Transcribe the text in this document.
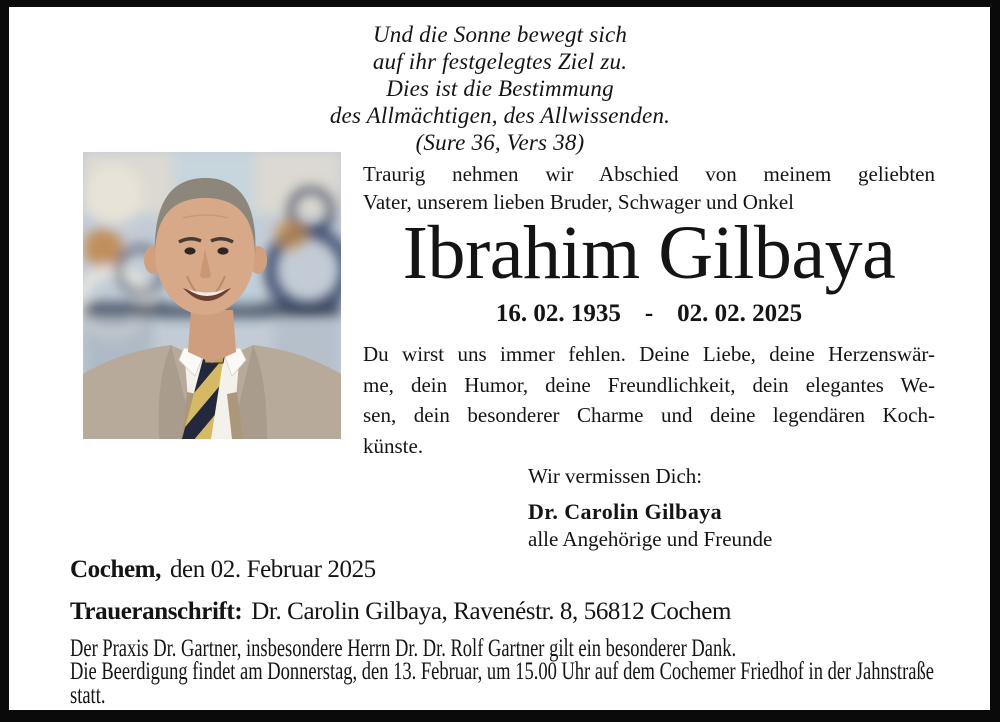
Und die Sonne bewegt sich
auf ihr festgelegtes Ziel zu.
Dies ist die Bestimmung
des Allmächtigen, des Allwissenden.
(Sure 36, Vers 38)
Traurig nehmen wir Abschied von meinem geliebten
Vater, unserem lieben Bruder, Schwager und Onkel
Ibrahim Gilbaya
16. 02. 1935 - 02. 02. 2025
Du wirst uns immer fehlen. Deine Liebe, deine Herzenswär-
me, dein Humor, deine Freundlichkeit, dein elegantes We-
sen, dein besonderer Charme und deine legendären Koch-
künste.
Wir vermissen Dich:
Dr. Carolin Gilbaya
alle Angehörige und Freunde
Cochem, den 02. Februar 2025
Traueranschrift: Dr. Carolin Gilbaya, Ravenéstr. 8, 56812 Cochem
Der Praxis Dr. Gartner, insbesondere Herrn Dr. Dr. Rolf Gartner gilt ein besonderer Dank.
Die Beerdigung findet am Donnerstag, den 13. Februar, um 15.00 Uhr auf dem Cochemer Friedhof in der Jahnstraße statt.
